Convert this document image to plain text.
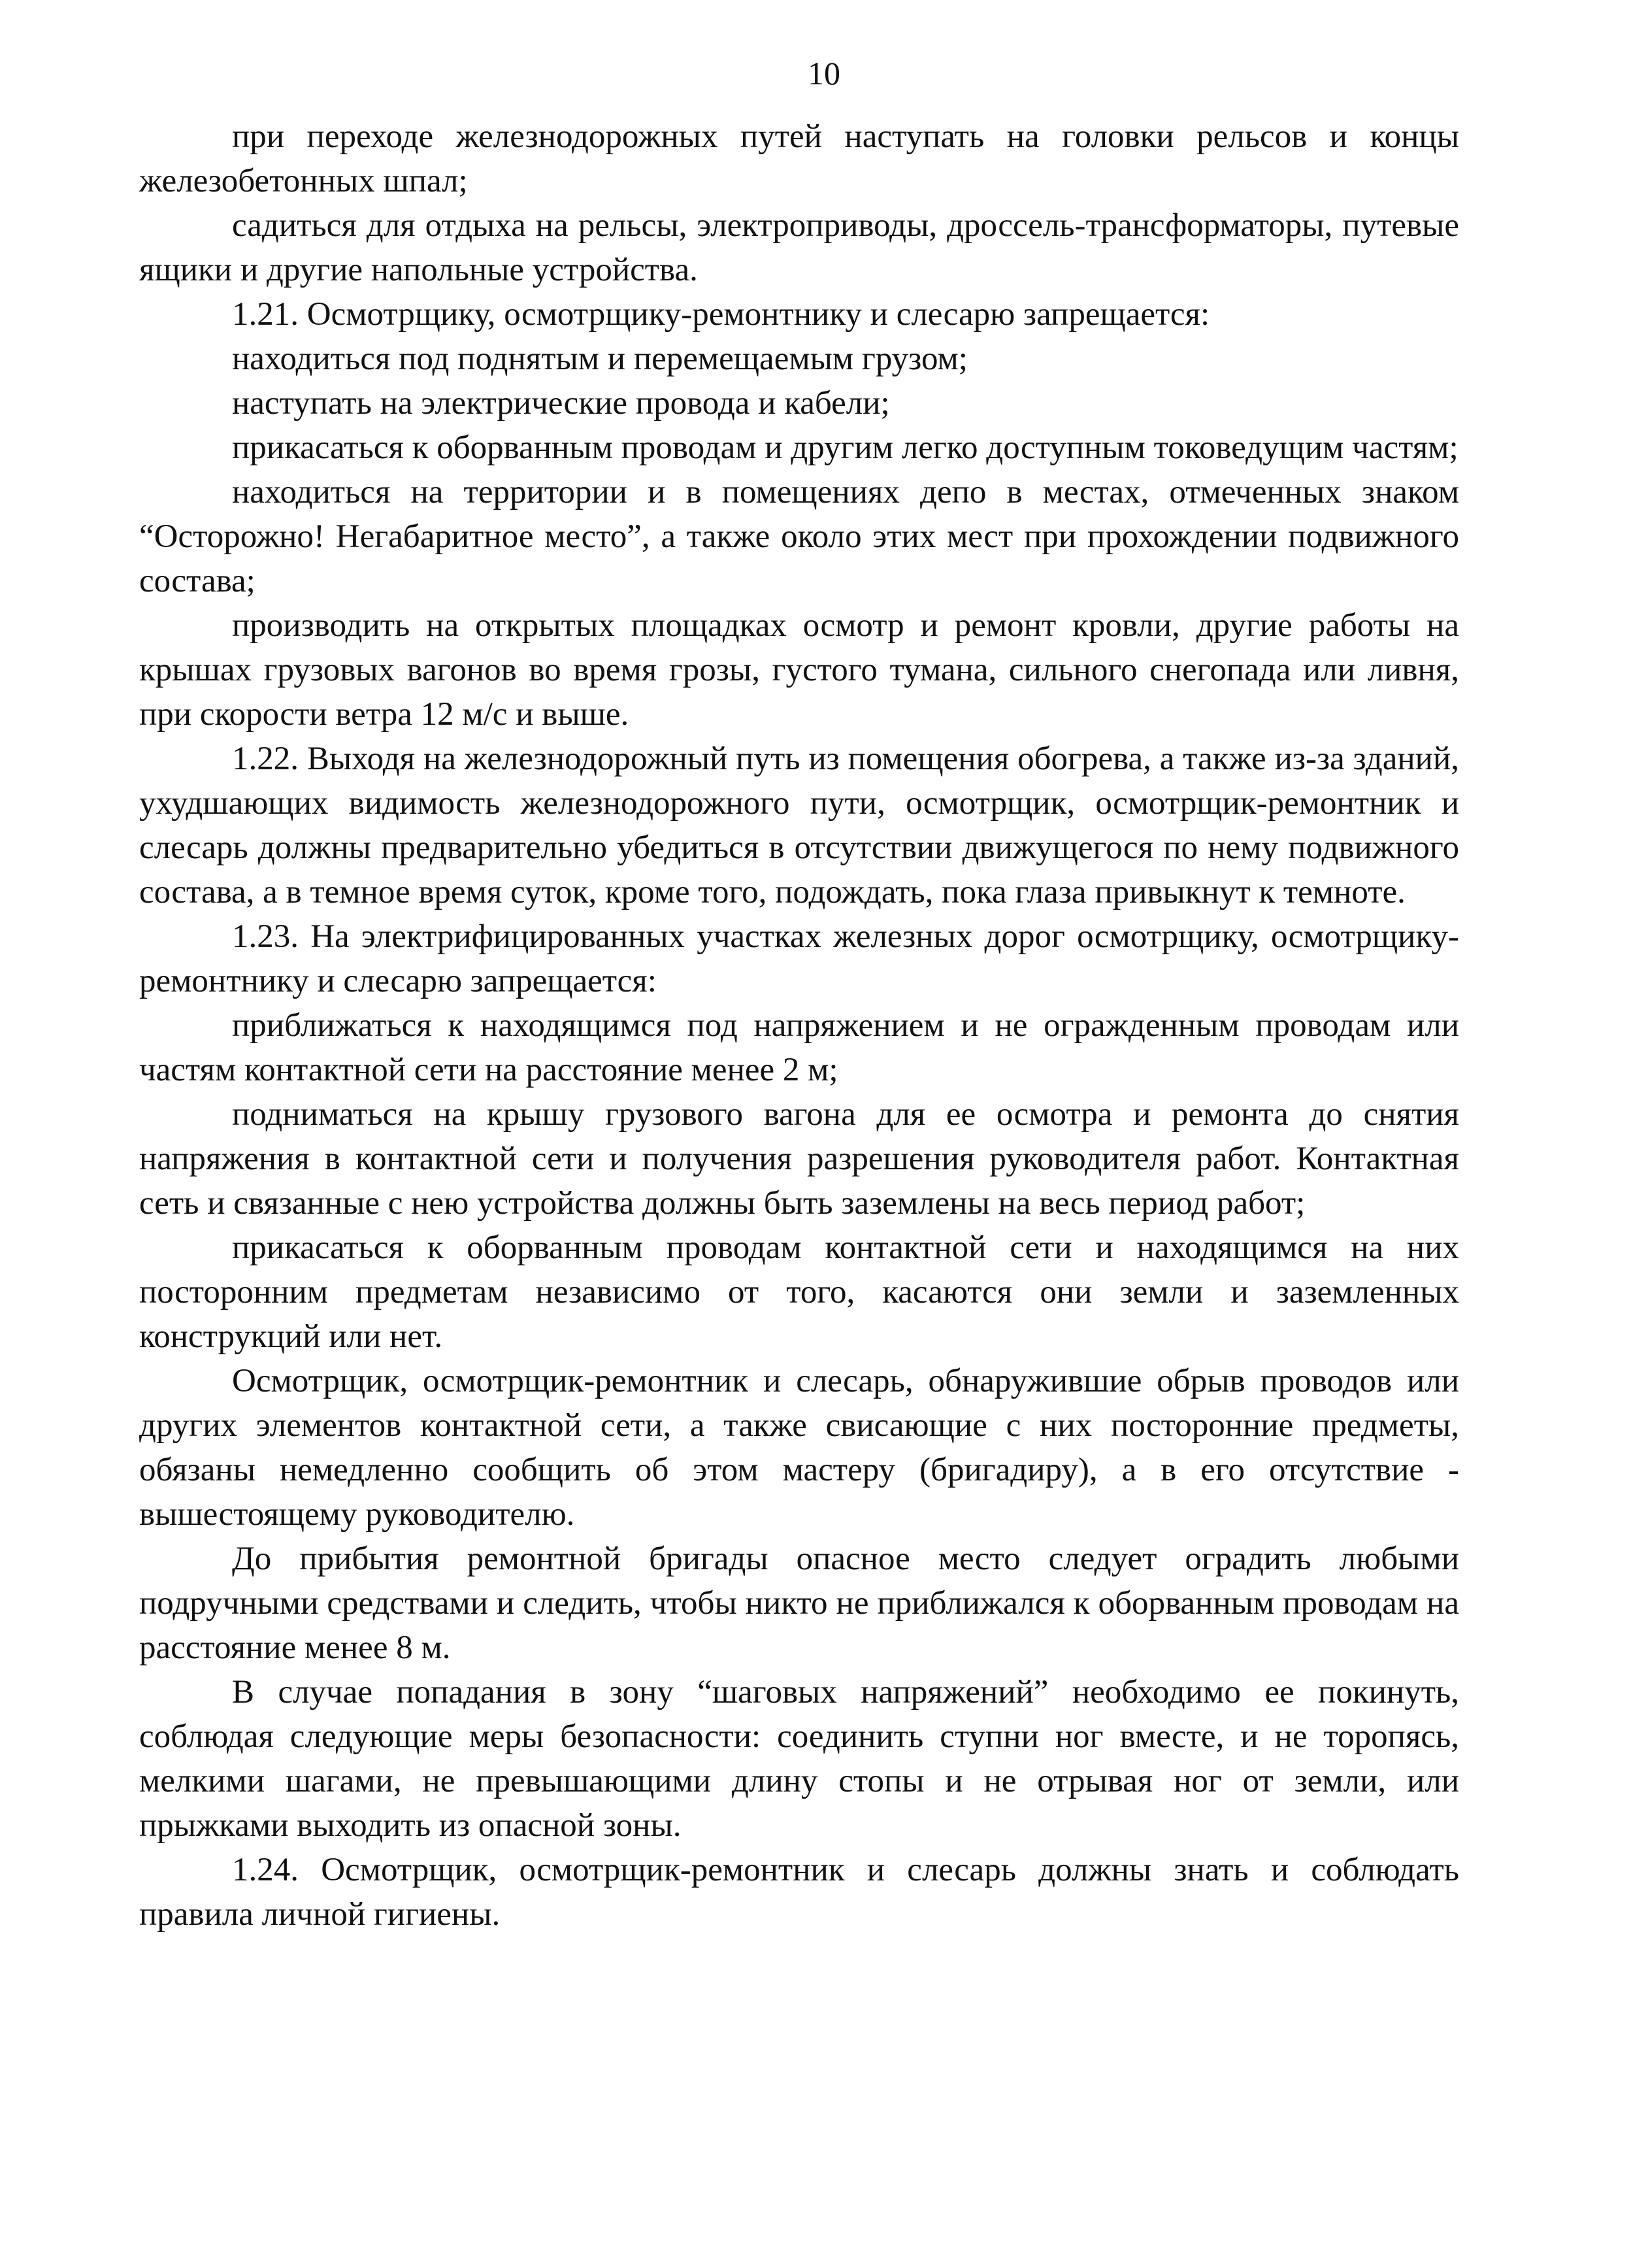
10

при переходе железнодорожных путей наступать на головки рельсов и концы железобетонных шпал;

садиться для отдыха на рельсы, электроприводы, дроссель-трансформаторы, путевые ящики и другие напольные устройства.

1.21. Осмотрщику, осмотрщику-ремонтнику и слесарю запрещается:

находиться под поднятым и перемещаемым грузом;

наступать на электрические провода и кабели;

прикасаться к оборванным проводам и другим легко доступным токоведущим частям;

находиться на территории и в помещениях депо в местах, отмеченных знаком “Осторожно! Негабаритное место”, а также около этих мест при прохождении подвижного состава;

производить на открытых площадках осмотр и ремонт кровли, другие работы на крышах грузовых вагонов во время грозы, густого тумана, сильного снегопада или ливня, при скорости ветра 12 м/с и выше.

1.22. Выходя на железнодорожный путь из помещения обогрева, а также из-за зданий, ухудшающих видимость железнодорожного пути, осмотрщик, осмотрщик-ремонтник и слесарь должны предварительно убедиться в отсутствии движущегося по нему подвижного состава, а в темное время суток, кроме того, подождать, пока глаза привыкнут к темноте.

1.23. На электрифицированных участках железных дорог осмотрщику, осмотрщику-ремонтнику и слесарю запрещается:

приближаться к находящимся под напряжением и не огражденным проводам или частям контактной сети на расстояние менее 2 м;

подниматься на крышу грузового вагона для ее осмотра и ремонта до снятия напряжения в контактной сети и получения разрешения руководителя работ. Контактная сеть и связанные с нею устройства должны быть заземлены на весь период работ;

прикасаться к оборванным проводам контактной сети и находящимся на них посторонним предметам независимо от того, касаются они земли и заземленных конструкций или нет.

Осмотрщик, осмотрщик-ремонтник и слесарь, обнаружившие обрыв проводов или других элементов контактной сети, а также свисающие с них посторонние предметы, обязаны немедленно сообщить об этом мастеру (бригадиру), а в его отсутствие - вышестоящему руководителю.

До прибытия ремонтной бригады опасное место следует оградить любыми подручными средствами и следить, чтобы никто не приближался к оборванным проводам на расстояние менее 8 м.

В случае попадания в зону “шаговых напряжений” необходимо ее покинуть, соблюдая следующие меры безопасности: соединить ступни ног вместе, и не торопясь, мелкими шагами, не превышающими длину стопы и не отрывая ног от земли, или прыжками выходить из опасной зоны.

1.24. Осмотрщик, осмотрщик-ремонтник и слесарь должны знать и соблюдать правила личной гигиены.
